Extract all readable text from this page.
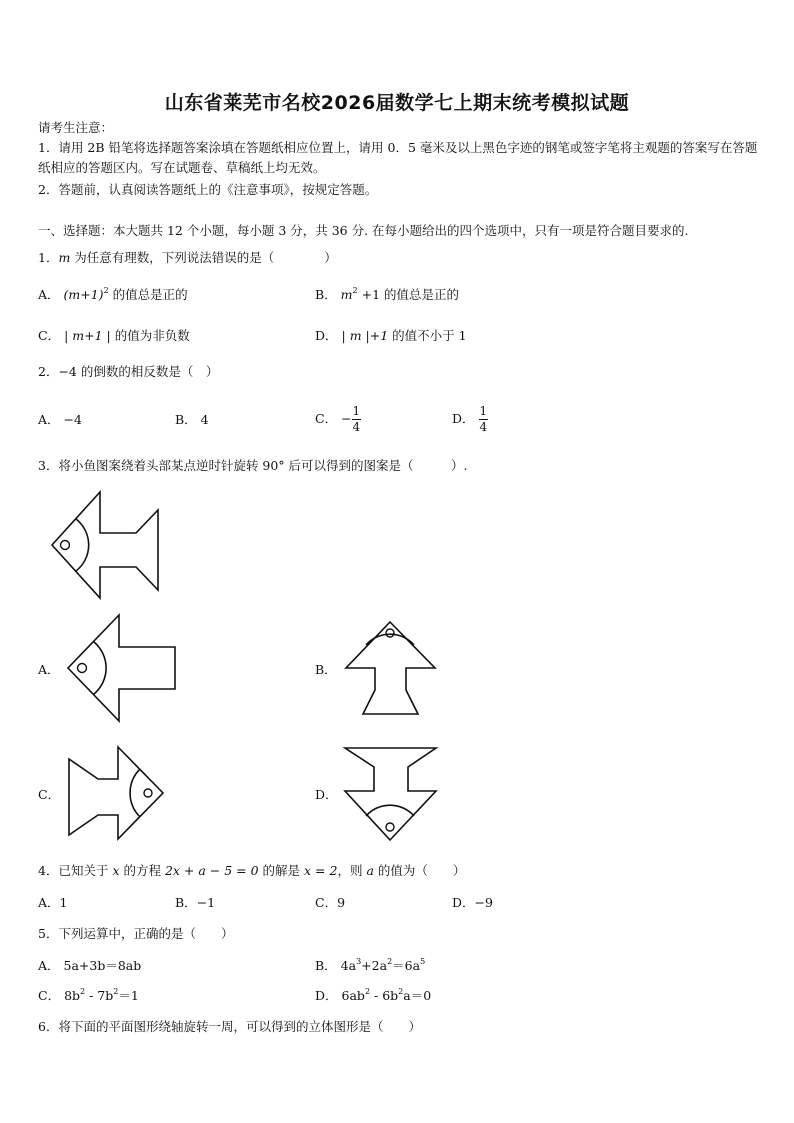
山东省莱芜市名校2026届数学七上期末统考模拟试题
请考生注意：
1．请用 2B 铅笔将选择题答案涂填在答题纸相应位置上，请用 0．5 毫米及以上黑色字迹的钢笔或签字笔将主观题的答案写在答题纸相应的答题区内。写在试题卷、草稿纸上均无效。
2．答题前，认真阅读答题纸上的《注意事项》，按规定答题。
一、选择题：本大题共 12 个小题，每小题 3 分，共 36 分. 在每小题给出的四个选项中，只有一项是符合题目要求的.
1．m 为任意有理数，下列说法错误的是（　　　　）
A． $(m+1)^2$ 的值总是正的	B． $m^2 +1$ 的值总是正的
C． | m+1 | 的值为非负数	D． | m |+1 的值不小于 1
2．−4 的倒数的相反数是（　）
A． −4	B． 4	C． − $\frac{1}{4}$	D． $\frac{1}{4}$
3．将小鱼图案绕着头部某点逆时针旋转 90° 后可以得到的图案是（　　　）.
A．	B．
C．	D．
4．已知关于 x 的方程 2x + a − 5 = 0 的解是 x = 2，则 a 的值为（　　）
A．1	B．−1	C．9	D．−9
5．下列运算中，正确的是（　　）
A． 5a+3b＝8ab	B． $4a^3+2a^2=6a^5$
C． $8b^2 - 7b^2=1$	D． $6ab^2 - 6b^2a=0$
6．将下面的平面图形绕轴旋转一周，可以得到的立体图形是（　　）
